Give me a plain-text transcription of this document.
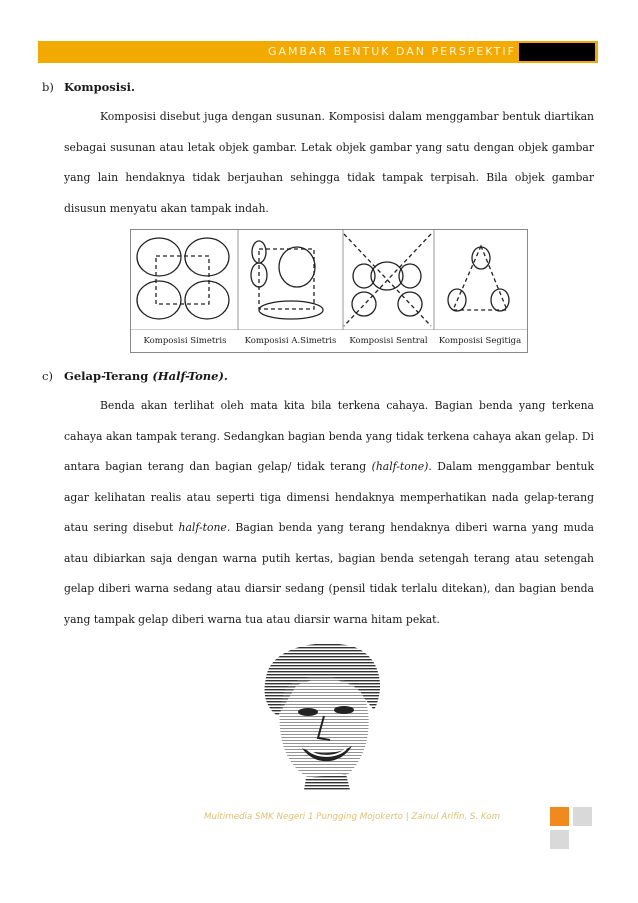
GAMBAR BENTUK DAN PERSPEKTIF
b) Komposisi.
Komposisi disebut juga dengan susunan. Komposisi dalam menggambar bentuk diartikan sebagai susunan atau letak objek gambar. Letak objek gambar yang satu dengan objek gambar yang lain hendaknya tidak berjauhan sehingga tidak tampak terpisah. Bila objek gambar disusun menyatu akan tampak indah.
Komposisi Simetris	Komposisi A.Simetris	Komposisi Sentral	Komposisi Segitiga
c) Gelap-Terang (Half-Tone).
Benda akan terlihat oleh mata kita bila terkena cahaya. Bagian benda yang terkena cahaya akan tampak terang. Sedangkan bagian benda yang tidak terkena cahaya akan gelap. Di antara bagian terang dan bagian gelap/ tidak terang (half-tone). Dalam menggambar bentuk agar kelihatan realis atau seperti tiga dimensi hendaknya memperhatikan nada gelap-terang atau sering disebut half-tone. Bagian benda yang terang hendaknya diberi warna yang muda atau dibiarkan saja dengan warna putih kertas, bagian benda setengah terang atau setengah gelap diberi warna sedang atau diarsir sedang (pensil tidak terlalu ditekan), dan bagian benda yang tampak gelap diberi warna tua atau diarsir warna hitam pekat.
Multimedia SMK Negeri 1 Pungging Mojokerto | Zainul Arifin, S. Kom
